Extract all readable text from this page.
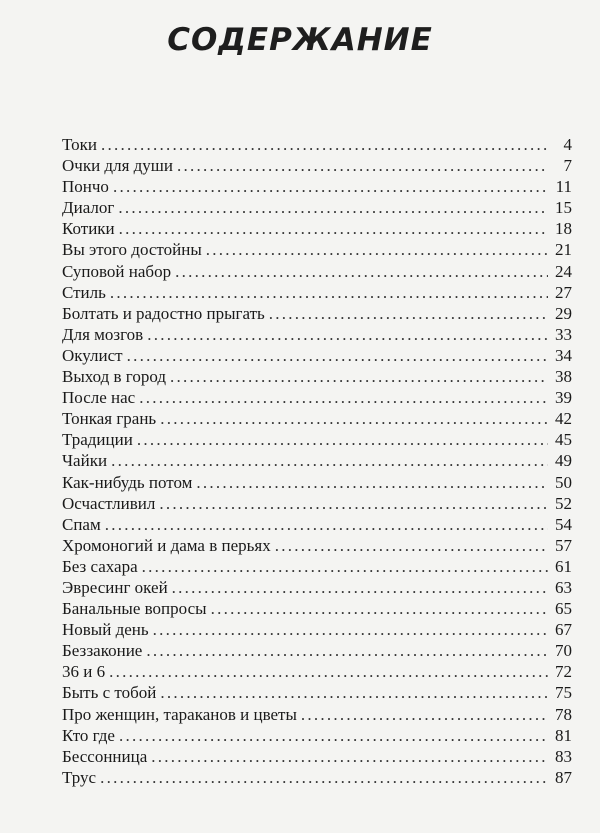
СОДЕРЖАНИЕ
Токи . . .	4
Очки для души . . .	7
Пончо . . .	11
Диалог . . .	15
Котики . . .	18
Вы этого достойны . . .	21
Суповой набор . . .	24
Стиль . . .	27
Болтать и радостно прыгать . . .	29
Для мозгов . . .	33
Окулист . . .	34
Выход в город . . .	38
После нас . . .	39
Тонкая грань . . .	42
Традиции . . .	45
Чайки . . .	49
Как-нибудь потом . . .	50
Осчастливил . . .	52
Спам . . .	54
Хромоногий и дама в перьях . . .	57
Без сахара . . .	61
Эвресинг окей . . .	63
Банальные вопросы . . .	65
Новый день . . .	67
Беззаконие . . .	70
36 и 6 . . .	72
Быть с тобой . . .	75
Про женщин, тараканов и цветы . . .	78
Кто где . . .	81
Бессонница . . .	83
Трус . . .	87
